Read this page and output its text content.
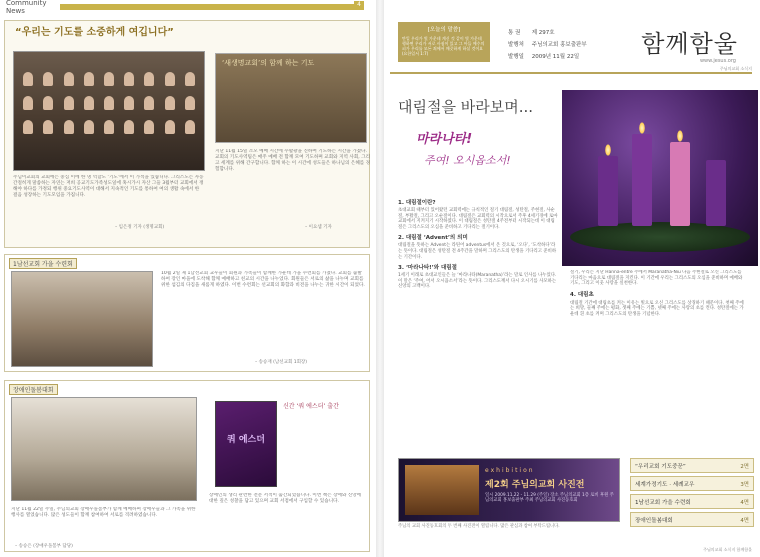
Community News
4
“우리는 기도를 소중하게 여깁니다”
‘새생명교회’의 함께 하는 기도
주님이교회의 교회에는 중심 이에 한 명 역할도 ‘기도’에서 이 가적을 있습니다. 그리스도는 자동 간절히게 말씀하는 자연는 저희 공교기도가족성도일에 혹시가시 자산 그들 3월부터 교회에서 정해야 하다를 가정되 행위 중요기도사역이 대해서 지속적인 기도를 통하여 여의 생활 속에서 한 걸음 성장하는 기도모임을 가집니다.
지난 11월 15일 소모 예배 시간에 수활광을 진하여 기도하는 시간을 가졌다. 교회의 기도사역팀은 매주 예배 전 함께 모여 기도하며 교회와 지역 사회, 그리고 세계를 위해 간구합니다. 함께 하는 이 시간에 성도들은 하나님의 은혜를 경험합니다.
– 임은정 기자 (생명교회)	– 이요셉 기자
1남선교회 가을 수련회
10월 2일 제 1남선교회 교우들이 회원과 가족들이 함께한 가운데 가을 수련회를 가졌다. 교회를 출발하여 장인 마을에 도착해 함께 예배하고 친교의 시간을 나누었다. 회원들은 서로의 삶을 나누며 교회를 위한 섬김의 다짐을 새롭게 하였다. 이번 수련회는 선교회의 화합과 비전을 나누는 귀한 시간이 되었다.
– 송승재 (남선교회 1회장)
장애인돌봄대회
쿼 에스더
신간 ‘쿼 에스더’ 출간
지난 11월 22일 주일, 주님의교회 장애우돌봄부가 함께 예배하며 장애우들과 그 가족을 위한 행사를 열었습니다. 많은 성도들이 함께 참여하여 서로를 격려하였습니다.
장애인의 생리 관련한 전문 서적이 출간되었습니다. 이번 책은 장애와 신앙에 대한 깊은 성찰을 담고 있으며 교회 서점에서 구입할 수 있습니다.
– 송승은 (장애우돌봄부 담당)
[오늘의 말씀]
만일 우리가 빛 가운데 계신 것 같이 빛 가운데 행하면 우리가 서로 사귐이 있고 그 아들 예수의 피가 우리를 모든 죄에서 깨끗하게 하실 것이요 (요한일서 1:7)
통 권 제 297호
발행처 주님의교회 홍보출판부
발행일 2009년 11월 22일	함께함울
www.jesus.org
주님의교회 소식지
대림절을 바라보며...
마라나타!
주여! 오시옵소서!
1. 대림절이란?

초대교회 때부터 있어왔던 교회력에는 규칙적인 절기 대림절, 성탄절, 주현절, 사순절, 부활절, 그리고 오순절이다. 대림절은 교회력의 시작으로서 주후 4세기경에 로마교회에서 지켜지기 시작하였다. 이 대림절은 성탄절 4주전부터 시작되는데 이 대림절은 그리스도의 오심을 준비하고 기다리는 절기이다.

2. 대림절 ‘Advent’의 의미

대림절을 뜻하는 Advent는 라틴어 adventus에서 온 것으로, ‘오다’, ‘도착하다’라는 뜻이다. 대림절은 성탄절 전 4주간을 말하며 그리스도의 탄생을 기다리고 준비하는 기간이다.

3. ‘마라나타!’와 대림절

1세기 이래로 초대교인들은 늘 ‘마라나타(Maranatha)’라는 말로 인사를 나누었다. 이 말은 ‘주여, 어서 오시옵소서’라는 뜻이다. 그리스도께서 다시 오시기를 사모하는 신앙의 고백이다.

절기, 우리는 지난 Hanna-entre 주에서 Maranatha-Niu 다음 주현절로 오신 그리스도를 기다리는 마음으로 대림절을 지킨다. 이 기간에 우리는 그리스도의 오심을 준비하며 예배와 기도, 그리고 이웃 사랑을 실천한다.

4. 대림초

대림절 기간에 대림초를 켜는 이유는 빛으로 오신 그리스도를 상징하기 때문이다. 첫째 주에는 희망, 둘째 주에는 평화, 셋째 주에는 기쁨, 넷째 주에는 사랑의 초를 켠다. 성탄절에는 가운데 흰 초를 켜며 그리스도의 탄생을 기념한다.

exhibition
제2회 주님의교회 사진전
일시 2009.11.22 - 11.29 (주일) 장소 주님의교회 1층 로비 후원 주님의교회 홍보출판부 주최 주님의교회 사진동호회
주님의 교회 사진동호회의 두 번째 사진전이 열립니다. 많은 관심과 참여 부탁드립니다.
“우리교회 기도중꾼”	2면
세계가정기도 · 세례교우	3면
1남선교회 가을 수련회	4면
장애인돌봄대회	4면
주님의교회 소식지 함께함울
